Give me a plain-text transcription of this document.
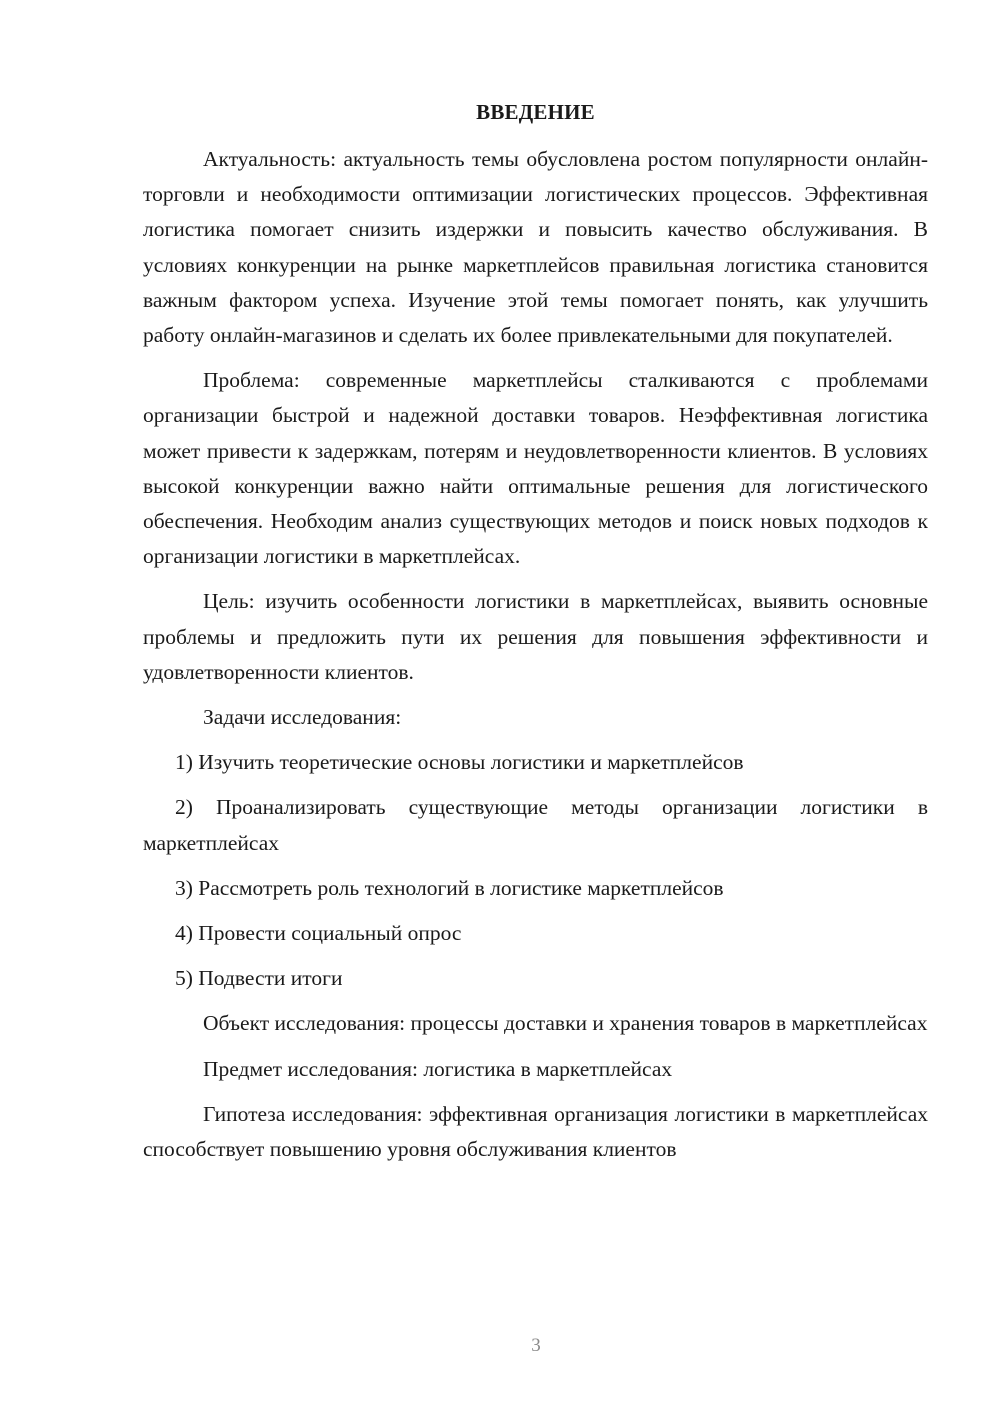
ВВЕДЕНИЕ

Актуальность: актуальность темы обусловлена ростом популярности онлайн-торговли и необходимости оптимизации логистических процессов. Эффективная логистика помогает снизить издержки и повысить качество обслуживания. В условиях конкуренции на рынке маркетплейсов правильная логистика становится важным фактором успеха. Изучение этой темы помогает понять, как улучшить работу онлайн-магазинов и сделать их более привлекательными для покупателей.

Проблема: современные маркетплейсы сталкиваются с проблемами организации быстрой и надежной доставки товаров. Неэффективная логистика может привести к задержкам, потерям и неудовлетворенности клиентов. В условиях высокой конкуренции важно найти оптимальные решения для логистического обеспечения. Необходим анализ существующих методов и поиск новых подходов к организации логистики в маркетплейсах.

Цель: изучить особенности логистики в маркетплейсах, выявить основные проблемы и предложить пути их решения для повышения эффективности и удовлетворенности клиентов.

Задачи исследования:

1) Изучить теоретические основы логистики и маркетплейсов

2) Проанализировать существующие методы организации логистики в маркетплейсах

3) Рассмотреть роль технологий в логистике маркетплейсов

4) Провести социальный опрос

5) Подвести итоги

Объект исследования: процессы доставки и хранения товаров в маркетплейсах

Предмет исследования: логистика в маркетплейсах

Гипотеза исследования: эффективная организация логистики в маркетплейсах способствует повышению уровня обслуживания клиентов

3
